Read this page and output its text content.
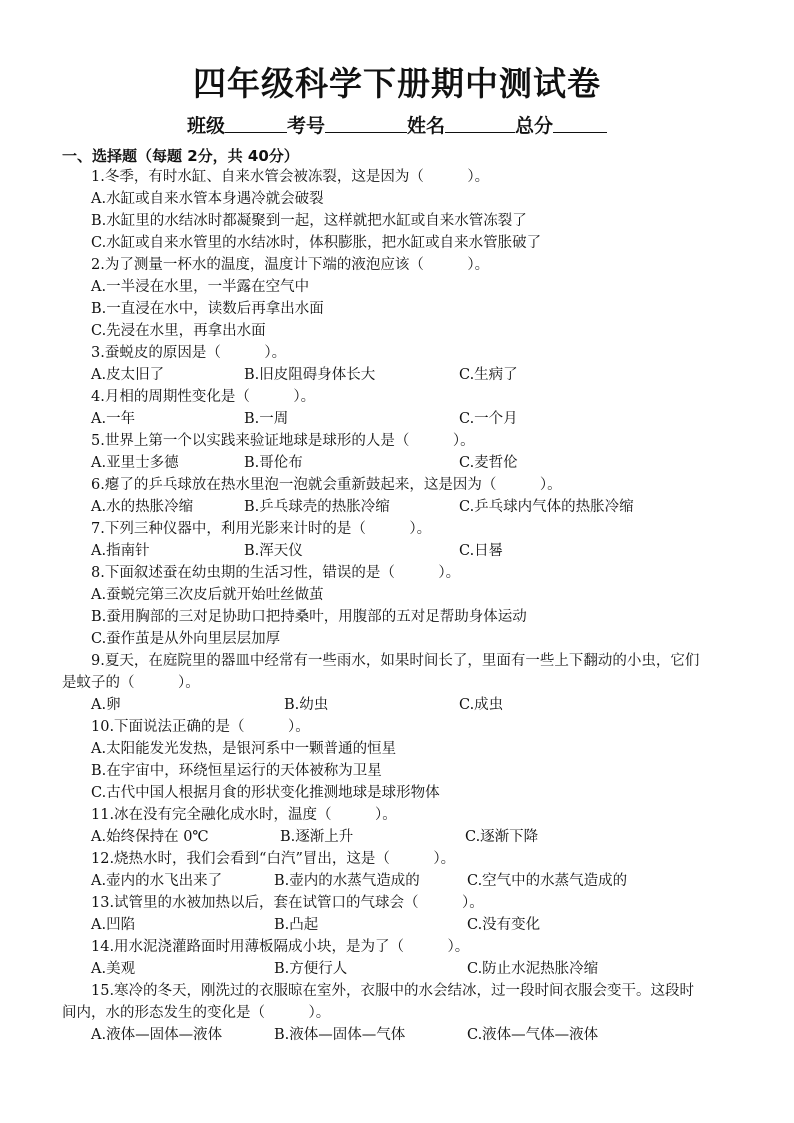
四年级科学下册期中测试卷
班级	考号	姓名	总分
一、选择题（每题 2分，共 40分）
1.冬季，有时水缸、自来水管会被冻裂，这是因为（　　　）。
A.水缸或自来水管本身遇冷就会破裂
B.水缸里的水结冰时都凝聚到一起，这样就把水缸或自来水管冻裂了
C.水缸或自来水管里的水结冰时，体积膨胀，把水缸或自来水管胀破了
2.为了测量一杯水的温度，温度计下端的液泡应该（　　　）。
A.一半浸在水里，一半露在空气中
B.一直浸在水中，读数后再拿出水面
C.先浸在水里，再拿出水面
3.蚕蜕皮的原因是（　　　）。
A.皮太旧了	B.旧皮阻碍身体长大	C.生病了
4.月相的周期性变化是（　　　）。
A.一年	B.一周	C.一个月
5.世界上第一个以实践来验证地球是球形的人是（　　　）。
A.亚里士多德	B.哥伦布	C.麦哲伦
6.瘪了的乒乓球放在热水里泡一泡就会重新鼓起来，这是因为（　　　）。
A.水的热胀冷缩	B.乒乓球壳的热胀冷缩	C.乒乓球内气体的热胀冷缩
7.下列三种仪器中，利用光影来计时的是（　　　）。
A.指南针	B.浑天仪	C.日晷
8.下面叙述蚕在幼虫期的生活习性，错误的是（　　　）。
A.蚕蜕完第三次皮后就开始吐丝做茧
B.蚕用胸部的三对足协助口把持桑叶，用腹部的五对足帮助身体运动
C.蚕作茧是从外向里层层加厚
9.夏天，在庭院里的器皿中经常有一些雨水，如果时间长了，里面有一些上下翻动的小虫，它们
是蚊子的（　　　）。
A.卵	B.幼虫	C.成虫
10.下面说法正确的是（　　　）。
A.太阳能发光发热，是银河系中一颗普通的恒星
B.在宇宙中，环绕恒星运行的天体被称为卫星
C.古代中国人根据月食的形状变化推测地球是球形物体
11.冰在没有完全融化成水时，温度（　　　）。
A.始终保持在 0℃	B.逐渐上升	C.逐渐下降
12.烧热水时，我们会看到“白汽”冒出，这是（　　　）。
A.壶内的水飞出来了	B.壶内的水蒸气造成的	C.空气中的水蒸气造成的
13.试管里的水被加热以后，套在试管口的气球会（　　　）。
A.凹陷	B.凸起	C.没有变化
14.用水泥浇灌路面时用薄板隔成小块，是为了（　　　）。
A.美观	B.方便行人	C.防止水泥热胀冷缩
15.寒冷的冬天，刚洗过的衣服晾在室外，衣服中的水会结冰，过一段时间衣服会变干。这段时
间内，水的形态发生的变化是（　　　）。
A.液体—固体—液体	B.液体—固体—气体	C.液体—气体—液体
